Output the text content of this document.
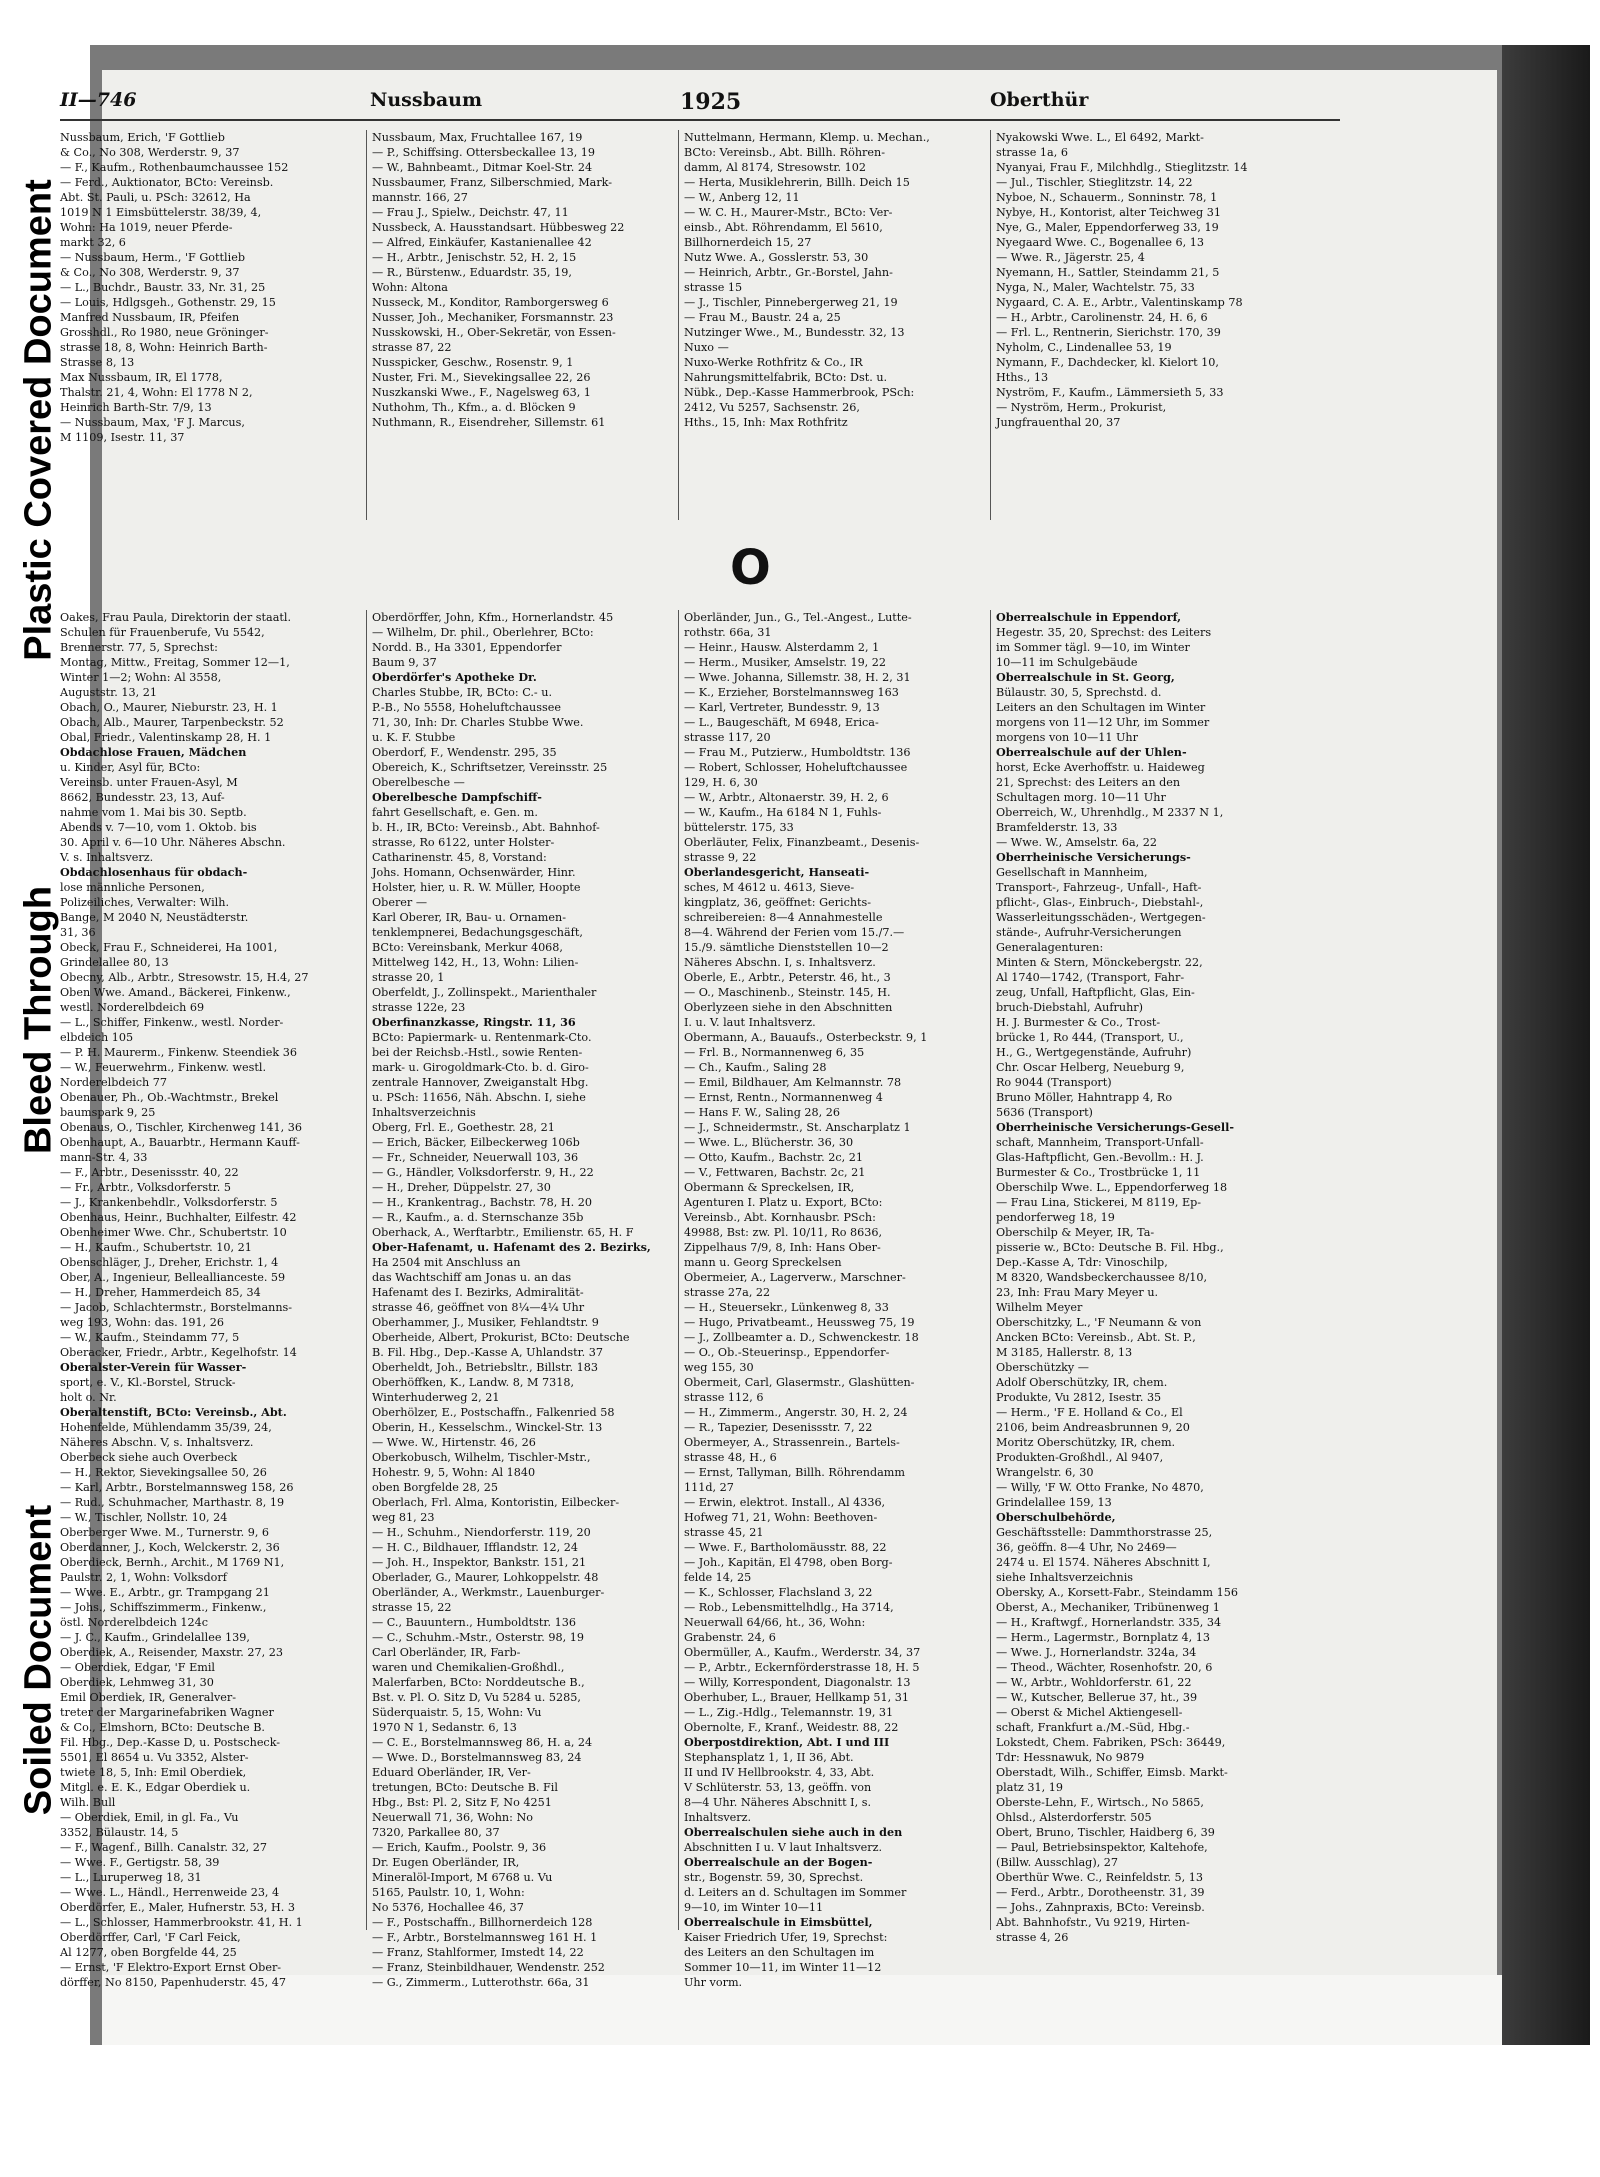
Plastic Covered Document
Bleed Through
Soiled Document
II—746	Nussbaum	1925	Oberthür
Nussbaum, Erich, 'F Gottlieb
& Co., No 308, Werderstr. 9, 37
— F., Kaufm., Rothenbaumchaussee 152
— Ferd., Auktionator, BCto: Vereinsb.
Abt. St. Pauli, u. PSch: 32612, Ha
1019 N 1 Eimsbüttelerstr. 38/39, 4,
Wohn: Ha 1019, neuer Pferde-
markt 32, 6
— Nussbaum, Herm., 'F Gottlieb
& Co., No 308, Werderstr. 9, 37
— L., Buchdr., Baustr. 33, Nr. 31, 25
— Louis, Hdlgsgeh., Gothenstr. 29, 15
Manfred Nussbaum, IR, Pfeifen
Grosshdl., Ro 1980, neue Gröninger-
strasse 18, 8, Wohn: Heinrich Barth-
Strasse 8, 13
Max Nussbaum, IR, El 1778,
Thalstr. 21, 4, Wohn: El 1778 N 2,
Heinrich Barth-Str. 7/9, 13
— Nussbaum, Max, 'F J. Marcus,
M 1109, Isestr. 11, 37
Nussbaum, Max, Fruchtallee 167, 19
— P., Schiffsing. Ottersbeckallee 13, 19
— W., Bahnbeamt., Ditmar Koel-Str. 24
Nussbaumer, Franz, Silberschmied, Mark-
mannstr. 166, 27
— Frau J., Spielw., Deichstr. 47, 11
Nussbeck, A. Hausstandsart. Hübbesweg 22
— Alfred, Einkäufer, Kastanienallee 42
— H., Arbtr., Jenischstr. 52, H. 2, 15
— R., Bürstenw., Eduardstr. 35, 19,
Wohn: Altona
Nusseck, M., Konditor, Ramborgersweg 6
Nusser, Joh., Mechaniker, Forsmannstr. 23
Nusskowski, H., Ober-Sekretär, von Essen-
strasse 87, 22
Nusspicker, Geschw., Rosenstr. 9, 1
Nuster, Fri. M., Sievekingsallee 22, 26
Nuszkanski Wwe., F., Nagelsweg 63, 1
Nuthohm, Th., Kfm., a. d. Blöcken 9
Nuthmann, R., Eisendreher, Sillemstr. 61
Nuttelmann, Hermann, Klemp. u. Mechan.,
BCto: Vereinsb., Abt. Billh. Röhren-
damm, Al 8174, Stresowstr. 102
— Herta, Musiklehrerin, Billh. Deich 15
— W., Anberg 12, 11
— W. C. H., Maurer-Mstr., BCto: Ver-
einsb., Abt. Röhrendamm, El 5610,
Billhornerdeich 15, 27
Nutz Wwe. A., Gosslerstr. 53, 30
— Heinrich, Arbtr., Gr.-Borstel, Jahn-
strasse 15
— J., Tischler, Pinnebergerweg 21, 19
— Frau M., Baustr. 24 a, 25
Nutzinger Wwe., M., Bundesstr. 32, 13
Nuxo —
Nuxo-Werke Rothfritz & Co., IR
Nahrungsmittelfabrik, BCto: Dst. u.
Nübk., Dep.-Kasse Hammerbrook, PSch:
2412, Vu 5257, Sachsenstr. 26,
Hths., 15, Inh: Max Rothfritz
Nyakowski Wwe. L., El 6492, Markt-
strasse 1a, 6
Nyanyai, Frau F., Milchhdlg., Stieglitzstr. 14
— Jul., Tischler, Stieglitzstr. 14, 22
Nyboe, N., Schauerm., Sonninstr. 78, 1
Nybye, H., Kontorist, alter Teichweg 31
Nye, G., Maler, Eppendorferweg 33, 19
Nyegaard Wwe. C., Bogenallee 6, 13
— Wwe. R., Jägerstr. 25, 4
Nyemann, H., Sattler, Steindamm 21, 5
Nyga, N., Maler, Wachtelstr. 75, 33
Nygaard, C. A. E., Arbtr., Valentinskamp 78
— H., Arbtr., Carolinenstr. 24, H. 6, 6
— Frl. L., Rentnerin, Sierichstr. 170, 39
Nyholm, C., Lindenallee 53, 19
Nymann, F., Dachdecker, kl. Kielort 10,
Hths., 13
Nyström, F., Kaufm., Lämmersieth 5, 33
— Nyström, Herm., Prokurist,
Jungfrauenthal 20, 37
O
Oakes, Frau Paula, Direktorin der staatl.
Schulen für Frauenberufe, Vu 5542,
Brennerstr. 77, 5, Sprechst:
Montag, Mittw., Freitag, Sommer 12—1,
Winter 1—2; Wohn: Al 3558,
Auguststr. 13, 21
Obach, O., Maurer, Nieburstr. 23, H. 1
Obach, Alb., Maurer, Tarpenbeckstr. 52
Obal, Friedr., Valentinskamp 28, H. 1
Obdachlose Frauen, Mädchen
u. Kinder, Asyl für, BCto:
Vereinsb. unter Frauen-Asyl, M
8662, Bundesstr. 23, 13, Auf-
nahme vom 1. Mai bis 30. Septb.
Abends v. 7—10, vom 1. Oktob. bis
30. April v. 6—10 Uhr. Näheres Abschn.
V. s. Inhaltsverz.
Obdachlosenhaus für obdach-
lose männliche Personen,
Polizeiliches, Verwalter: Wilh.
Bange, M 2040 N, Neustädterstr.
31, 36
Obeck, Frau F., Schneiderei, Ha 1001,
Grindelallee 80, 13
Obecny, Alb., Arbtr., Stresowstr. 15, H.4, 27
Oben Wwe. Amand., Bäckerei, Finkenw.,
westl. Norderelbdeich 69
— L., Schiffer, Finkenw., westl. Norder-
elbdeich 105
— P. H. Maurerm., Finkenw. Steendiek 36
— W., Feuerwehrm., Finkenw. westl.
Norderelbdeich 77
Obenauer, Ph., Ob.-Wachtmstr., Brekel
baumspark 9, 25
Obenaus, O., Tischler, Kirchenweg 141, 36
Obenhaupt, A., Bauarbtr., Hermann Kauff-
mann-Str. 4, 33
— F., Arbtr., Desenissstr. 40, 22
— Fr., Arbtr., Volksdorferstr. 5
— J., Krankenbehdlr., Volksdorferstr. 5
Obenhaus, Heinr., Buchhalter, Eilfestr. 42
Obenheimer Wwe. Chr., Schubertstr. 10
— H., Kaufm., Schubertstr. 10, 21
Obenschläger, J., Dreher, Erichstr. 1, 4
Ober, A., Ingenieur, Belleallianceste. 59
— H., Dreher, Hammerdeich 85, 34
— Jacob, Schlachtermstr., Borstelmanns-
weg 193, Wohn: das. 191, 26
— W., Kaufm., Steindamm 77, 5
Oberacker, Friedr., Arbtr., Kegelhofstr. 14
Oberalster-Verein für Wasser-
sport, e. V., Kl.-Borstel, Struck-
holt o. Nr.
Oberaltenstift, BCto: Vereinsb., Abt.
Hohenfelde, Mühlendamm 35/39, 24,
Näheres Abschn. V, s. Inhaltsverz.
Oberbeck siehe auch Overbeck
— H., Rektor, Sievekingsallee 50, 26
— Karl, Arbtr., Borstelmannsweg 158, 26
— Rud., Schuhmacher, Marthastr. 8, 19
— W., Tischler, Nollstr. 10, 24
Oberberger Wwe. M., Turnerstr. 9, 6
Oberdanner, J., Koch, Welckerstr. 2, 36
Oberdieck, Bernh., Archit., M 1769 N1,
Paulstr. 2, 1, Wohn: Volksdorf
— Wwe. E., Arbtr., gr. Trampgang 21
— Johs., Schiffszimmerm., Finkenw.,
östl. Norderelbdeich 124c
— J. C., Kaufm., Grindelallee 139,
Oberdiek, A., Reisender, Maxstr. 27, 23
— Oberdiek, Edgar, 'F Emil
Oberdiek, Lehmweg 31, 30
Emil Oberdiek, IR, Generalver-
treter der Margarinefabriken Wagner
& Co., Elmshorn, BCto: Deutsche B.
Fil. Hbg., Dep.-Kasse D, u. Postscheck-
5501, El 8654 u. Vu 3352, Alster-
twiete 18, 5, Inh: Emil Oberdiek,
Mitgl. e. E. K., Edgar Oberdiek u.
Wilh. Bull
— Oberdiek, Emil, in gl. Fa., Vu
3352, Bülaustr. 14, 5
— F., Wagenf., Billh. Canalstr. 32, 27
— Wwe. F., Gertigstr. 58, 39
— L., Luruperweg 18, 31
— Wwe. L., Händl., Herrenweide 23, 4
Oberdörfer, E., Maler, Hufnerstr. 53, H. 3
— L., Schlosser, Hammerbrookstr. 41, H. 1
Oberdörffer, Carl, 'F Carl Feick,
Al 1277, oben Borgfelde 44, 25
— Ernst, 'F Elektro-Export Ernst Ober-
dörffer, No 8150, Papenhuderstr. 45, 47
Oberdörffer, John, Kfm., Hornerlandstr. 45
— Wilhelm, Dr. phil., Oberlehrer, BCto:
Nordd. B., Ha 3301, Eppendorfer
Baum 9, 37
Oberdörfer's Apotheke Dr.
Charles Stubbe, IR, BCto: C.- u.
P.-B., No 5558, Hoheluftchaussee
71, 30, Inh: Dr. Charles Stubbe Wwe.
u. K. F. Stubbe
Oberdorf, F., Wendenstr. 295, 35
Obereich, K., Schriftsetzer, Vereinsstr. 25
Oberelbesche —
Oberelbesche Dampfschiff-
fahrt Gesellschaft, e. Gen. m.
b. H., IR, BCto: Vereinsb., Abt. Bahnhof-
strasse, Ro 6122, unter Holster-
Catharinenstr. 45, 8, Vorstand:
Johs. Homann, Ochsenwärder, Hinr.
Holster, hier, u. R. W. Müller, Hoopte
Oberer —
Karl Oberer, IR, Bau- u. Ornamen-
tenklempnerei, Bedachungsgeschäft,
BCto: Vereinsbank, Merkur 4068,
Mittelweg 142, H., 13, Wohn: Lilien-
strasse 20, 1
Oberfeldt, J., Zollinspekt., Marienthaler
strasse 122e, 23
Oberfinanzkasse, Ringstr. 11, 36
BCto: Papiermark- u. Rentenmark-Cto.
bei der Reichsb.-Hstl., sowie Renten-
mark- u. Girogoldmark-Cto. b. d. Giro-
zentrale Hannover, Zweiganstalt Hbg.
u. PSch: 11656, Näh. Abschn. I, siehe
Inhaltsverzeichnis
Oberg, Frl. E., Goethestr. 28, 21
— Erich, Bäcker, Eilbeckerweg 106b
— Fr., Schneider, Neuerwall 103, 36
— G., Händler, Volksdorferstr. 9, H., 22
— H., Dreher, Düppelstr. 27, 30
— H., Krankentrag., Bachstr. 78, H. 20
— R., Kaufm., a. d. Sternschanze 35b
Oberhack, A., Werftarbtr., Emilienstr. 65, H. F
Ober-Hafenamt, u. Hafenamt des 2. Bezirks,
Ha 2504 mit Anschluss an
das Wachtschiff am Jonas u. an das
Hafenamt des I. Bezirks, Admiralität-
strasse 46, geöffnet von 8¼—4¼ Uhr
Oberhammer, J., Musiker, Fehlandtstr. 9
Oberheide, Albert, Prokurist, BCto: Deutsche
B. Fil. Hbg., Dep.-Kasse A, Uhlandstr. 37
Oberheldt, Joh., Betriebsltr., Billstr. 183
Oberhöffken, K., Landw. 8, M 7318,
Winterhuderweg 2, 21
Oberhölzer, E., Postschaffn., Falkenried 58
Oberin, H., Kesselschm., Winckel-Str. 13
— Wwe. W., Hirtenstr. 46, 26
Oberkobusch, Wilhelm, Tischler-Mstr.,
Hohestr. 9, 5, Wohn: Al 1840
oben Borgfelde 28, 25
Oberlach, Frl. Alma, Kontoristin, Eilbecker-
weg 81, 23
— H., Schuhm., Niendorferstr. 119, 20
— H. C., Bildhauer, Ifflandstr. 12, 24
— Joh. H., Inspektor, Bankstr. 151, 21
Oberlader, G., Maurer, Lohkoppelstr. 48
Oberländer, A., Werkmstr., Lauenburger-
strasse 15, 22
— C., Bauuntern., Humboldtstr. 136
— C., Schuhm.-Mstr., Osterstr. 98, 19
Carl Oberländer, IR, Farb-
waren und Chemikalien-Großhdl.,
Malerfarben, BCto: Norddeutsche B.,
Bst. v. Pl. O. Sitz D, Vu 5284 u. 5285,
Süderquaistr. 5, 15, Wohn: Vu
1970 N 1, Sedanstr. 6, 13
— C. E., Borstelmannsweg 86, H. a, 24
— Wwe. D., Borstelmannsweg 83, 24
Eduard Oberländer, IR, Ver-
tretungen, BCto: Deutsche B. Fil
Hbg., Bst: Pl. 2, Sitz F, No 4251
Neuerwall 71, 36, Wohn: No
7320, Parkallee 80, 37
— Erich, Kaufm., Poolstr. 9, 36
Dr. Eugen Oberländer, IR,
Mineralöl-Import, M 6768 u. Vu
5165, Paulstr. 10, 1, Wohn:
No 5376, Hochallee 46, 37
— F., Postschaffn., Billhornerdeich 128
— F., Arbtr., Borstelmannsweg 161 H. 1
— Franz, Stahlformer, Imstedt 14, 22
— Franz, Steinbildhauer, Wendenstr. 252
— G., Zimmerm., Lutterothstr. 66a, 31
Oberländer, Jun., G., Tel.-Angest., Lutte-
rothstr. 66a, 31
— Heinr., Hausw. Alsterdamm 2, 1
— Herm., Musiker, Amselstr. 19, 22
— Wwe. Johanna, Sillemstr. 38, H. 2, 31
— K., Erzieher, Borstelmannsweg 163
— Karl, Vertreter, Bundesstr. 9, 13
— L., Baugeschäft, M 6948, Erica-
strasse 117, 20
— Frau M., Putzierw., Humboldtstr. 136
— Robert, Schlosser, Hoheluftchaussee
129, H. 6, 30
— W., Arbtr., Altonaerstr. 39, H. 2, 6
— W., Kaufm., Ha 6184 N 1, Fuhls-
büttelerstr. 175, 33
Oberläuter, Felix, Finanzbeamt., Desenis-
strasse 9, 22
Oberlandesgericht, Hanseati-
sches, M 4612 u. 4613, Sieve-
kingplatz, 36, geöffnet: Gerichts-
schreibereien: 8—4 Annahmestelle
8—4. Während der Ferien vom 15./7.—
15./9. sämtliche Dienststellen 10—2
Näheres Abschn. I, s. Inhaltsverz.
Oberle, E., Arbtr., Peterstr. 46, ht., 3
— O., Maschinenb., Steinstr. 145, H.
Oberlyzeen siehe in den Abschnitten
I. u. V. laut Inhaltsverz.
Obermann, A., Bauaufs., Osterbeckstr. 9, 1
— Frl. B., Normannenweg 6, 35
— Ch., Kaufm., Saling 28
— Emil, Bildhauer, Am Kelmannstr. 78
— Ernst, Rentn., Normannenweg 4
— Hans F. W., Saling 28, 26
— J., Schneidermstr., St. Anscharplatz 1
— Wwe. L., Blücherstr. 36, 30
— Otto, Kaufm., Bachstr. 2c, 21
— V., Fettwaren, Bachstr. 2c, 21
Obermann & Spreckelsen, IR,
Agenturen I. Platz u. Export, BCto:
Vereinsb., Abt. Kornhausbr. PSch:
49988, Bst: zw. Pl. 10/11, Ro 8636,
Zippelhaus 7/9, 8, Inh: Hans Ober-
mann u. Georg Spreckelsen
Obermeier, A., Lagerverw., Marschner-
strasse 27a, 22
— H., Steuersekr., Lünkenweg 8, 33
— Hugo, Privatbeamt., Heussweg 75, 19
— J., Zollbeamter a. D., Schwenckestr. 18
— O., Ob.-Steuerinsp., Eppendorfer-
weg 155, 30
Obermeit, Carl, Glasermstr., Glashütten-
strasse 112, 6
— H., Zimmerm., Angerstr. 30, H. 2, 24
— R., Tapezier, Desenissstr. 7, 22
Obermeyer, A., Strassenrein., Bartels-
strasse 48, H., 6
— Ernst, Tallyman, Billh. Röhrendamm
111d, 27
— Erwin, elektrot. Install., Al 4336,
Hofweg 71, 21, Wohn: Beethoven-
strasse 45, 21
— Wwe. F., Bartholomäusstr. 88, 22
— Joh., Kapitän, El 4798, oben Borg-
felde 14, 25
— K., Schlosser, Flachsland 3, 22
— Rob., Lebensmittelhdlg., Ha 3714,
Neuerwall 64/66, ht., 36, Wohn:
Grabenstr. 24, 6
Obermüller, A., Kaufm., Werderstr. 34, 37
— P., Arbtr., Eckernförderstrasse 18, H. 5
— Willy, Korrespondent, Diagonalstr. 13
Oberhuber, L., Brauer, Hellkamp 51, 31
— L., Zig.-Hdlg., Telemannstr. 19, 31
Obernolte, F., Kranf., Weidestr. 88, 22
Oberpostdirektion, Abt. I und III
Stephansplatz 1, 1, II 36, Abt.
II und IV Hellbrookstr. 4, 33, Abt.
V Schlüterstr. 53, 13, geöffn. von
8—4 Uhr. Näheres Abschnitt I, s.
Inhaltsverz.
Oberrealschulen siehe auch in den
Abschnitten I u. V laut Inhaltsverz.
Oberrealschule an der Bogen-
str., Bogenstr. 59, 30, Sprechst.
d. Leiters an d. Schultagen im Sommer
9—10, im Winter 10—11
Oberrealschule in Eimsbüttel,
Kaiser Friedrich Ufer, 19, Sprechst:
des Leiters an den Schultagen im
Sommer 10—11, im Winter 11—12
Uhr vorm.
Oberrealschule in Eppendorf,
Hegestr. 35, 20, Sprechst: des Leiters
im Sommer tägl. 9—10, im Winter
10—11 im Schulgebäude
Oberrealschule in St. Georg,
Bülaustr. 30, 5, Sprechstd. d.
Leiters an den Schultagen im Winter
morgens von 11—12 Uhr, im Sommer
morgens von 10—11 Uhr
Oberrealschule auf der Uhlen-
horst, Ecke Averhoffstr. u. Haideweg
21, Sprechst: des Leiters an den
Schultagen morg. 10—11 Uhr
Oberreich, W., Uhrenhdlg., M 2337 N 1,
Bramfelderstr. 13, 33
— Wwe. W., Amselstr. 6a, 22
Oberrheinische Versicherungs-
Gesellschaft in Mannheim,
Transport-, Fahrzeug-, Unfall-, Haft-
pflicht-, Glas-, Einbruch-, Diebstahl-,
Wasserleitungsschäden-, Wertgegen-
stände-, Aufruhr-Versicherungen
Generalagenturen:
Minten & Stern, Mönckebergstr. 22,
Al 1740—1742, (Transport, Fahr-
zeug, Unfall, Haftpflicht, Glas, Ein-
bruch-Diebstahl, Aufruhr)
H. J. Burmester & Co., Trost-
brücke 1, Ro 444, (Transport, U.,
H., G., Wertgegenstände, Aufruhr)
Chr. Oscar Helberg, Neueburg 9,
Ro 9044 (Transport)
Bruno Möller, Hahntrapp 4, Ro
5636 (Transport)
Oberrheinische Versicherungs-Gesell-
schaft, Mannheim, Transport-Unfall-
Glas-Haftpflicht, Gen.-Bevollm.: H. J.
Burmester & Co., Trostbrücke 1, 11
Oberschilp Wwe. L., Eppendorferweg 18
— Frau Lina, Stickerei, M 8119, Ep-
pendorferweg 18, 19
Oberschilp & Meyer, IR, Ta-
pisserie w., BCto: Deutsche B. Fil. Hbg.,
Dep.-Kasse A, Tdr: Vinoschilp,
M 8320, Wandsbeckerchaussee 8/10,
23, Inh: Frau Mary Meyer u.
Wilhelm Meyer
Oberschitzky, L., 'F Neumann & von
Ancken BCto: Vereinsb., Abt. St. P.,
M 3185, Hallerstr. 8, 13
Oberschützky —
Adolf Oberschützky, IR, chem.
Produkte, Vu 2812, Isestr. 35
— Herm., 'F E. Holland & Co., El
2106, beim Andreasbrunnen 9, 20
Moritz Oberschützky, IR, chem.
Produkten-Großhdl., Al 9407,
Wrangelstr. 6, 30
— Willy, 'F W. Otto Franke, No 4870,
Grindelallee 159, 13
Oberschulbehörde,
Geschäftsstelle: Dammthorstrasse 25,
36, geöffn. 8—4 Uhr, No 2469—
2474 u. El 1574. Näheres Abschnitt I,
siehe Inhaltsverzeichnis
Obersky, A., Korsett-Fabr., Steindamm 156
Oberst, A., Mechaniker, Tribünenweg 1
— H., Kraftwgf., Hornerlandstr. 335, 34
— Herm., Lagermstr., Bornplatz 4, 13
— Wwe. J., Hornerlandstr. 324a, 34
— Theod., Wächter, Rosenhofstr. 20, 6
— W., Arbtr., Wohldorferstr. 61, 22
— W., Kutscher, Bellerue 37, ht., 39
— Oberst & Michel Aktiengesell-
schaft, Frankfurt a./M.-Süd, Hbg.-
Lokstedt, Chem. Fabriken, PSch: 36449,
Tdr: Hessnawuk, No 9879
Oberstadt, Wilh., Schiffer, Eimsb. Markt-
platz 31, 19
Oberste-Lehn, F., Wirtsch., No 5865,
Ohlsd., Alsterdorferstr. 505
Obert, Bruno, Tischler, Haidberg 6, 39
— Paul, Betriebsinspektor, Kaltehofe,
(Billw. Ausschlag), 27
Oberthür Wwe. C., Reinfeldstr. 5, 13
— Ferd., Arbtr., Dorotheenstr. 31, 39
— Johs., Zahnpraxis, BCto: Vereinsb.
Abt. Bahnhofstr., Vu 9219, Hirten-
strasse 4, 26
